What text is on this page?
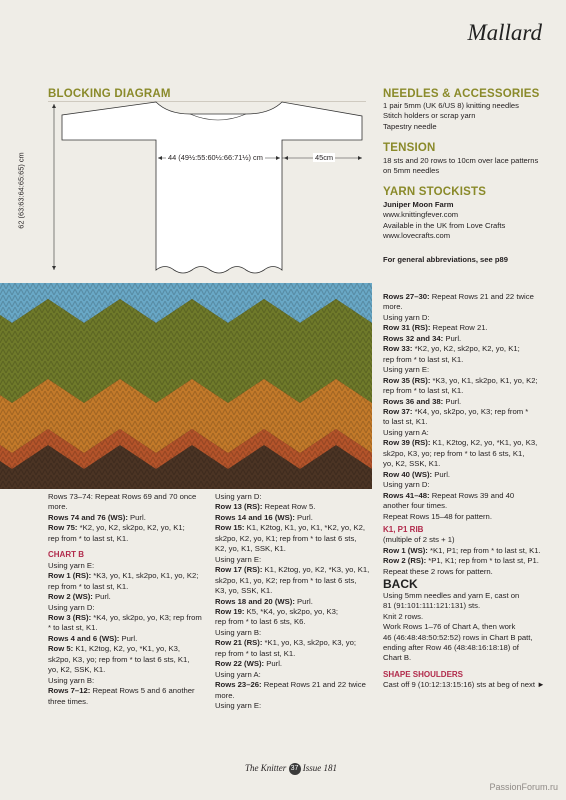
Mallard
BLOCKING DIAGRAM
44 (49½:55:60½:66:71½) cm	45cm
62 (63:63:64:65:65) cm
NEEDLES & ACCESSORIES
1 pair 5mm (UK 6/US 8) knitting needles
Stitch holders or scrap yarn
Tapestry needle
TENSION
18 sts and 20 rows to 10cm over lace patterns
on 5mm needles
YARN STOCKISTS
Juniper Moon Farm
www.knittingfever.com
Available in the UK from Love Crafts
www.lovecrafts.com
For general abbreviations, see p89
Rows 73–74: Repeat Rows 69 and 70 once
more.
Rows 74 and 76 (WS): Purl.
Row 75: *K2, yo, K2, sk2po, K2, yo, K1;
rep from * to last st, K1.
CHART B
Using yarn E:
Row 1 (RS): *K3, yo, K1, sk2po, K1, yo, K2;
rep from * to last st, K1.
Row 2 (WS): Purl.
Using yarn D:
Row 3 (RS): *K4, yo, sk2po, yo, K3; rep from
* to last st, K1.
Rows 4 and 6 (WS): Purl.
Row 5: K1, K2tog, K2, yo, *K1, yo, K3,
sk2po, K3, yo; rep from * to last 6 sts, K1,
yo, K2, SSK, K1.
Using yarn B:
Rows 7–12: Repeat Rows 5 and 6 another
three times.
Using yarn D:
Row 13 (RS): Repeat Row 5.
Rows 14 and 16 (WS): Purl.
Row 15: K1, K2tog, K1, yo, K1, *K2, yo, K2,
sk2po, K2, yo, K1; rep from * to last 6 sts,
K2, yo, K1, SSK, K1.
Using yarn E:
Row 17 (RS): K1, K2tog, yo, K2, *K3, yo, K1,
sk2po, K1, yo, K2; rep from * to last 6 sts,
K3, yo, SSK, K1.
Rows 18 and 20 (WS): Purl.
Row 19: K5, *K4, yo, sk2po, yo, K3;
rep from * to last 6 sts, K6.
Using yarn B:
Row 21 (RS): *K1, yo, K3, sk2po, K3, yo;
rep from * to last st, K1.
Row 22 (WS): Purl.
Using yarn A:
Rows 23–26: Repeat Rows 21 and 22 twice
more.
Using yarn E:
Rows 27–30: Repeat Rows 21 and 22 twice
more.
Using yarn D:
Row 31 (RS): Repeat Row 21.
Rows 32 and 34: Purl.
Row 33: *K2, yo, K2, sk2po, K2, yo, K1;
rep from * to last st, K1.
Using yarn E:
Row 35 (RS): *K3, yo, K1, sk2po, K1, yo, K2;
rep from * to last st, K1.
Rows 36 and 38: Purl.
Row 37: *K4, yo, sk2po, yo, K3; rep from *
to last st, K1.
Using yarn A:
Row 39 (RS): K1, K2tog, K2, yo, *K1, yo, K3,
sk2po, K3, yo; rep from * to last 6 sts, K1,
yo, K2, SSK, K1.
Row 40 (WS): Purl.
Using yarn D:
Rows 41–48: Repeat Rows 39 and 40
another four times.
Repeat Rows 15–48 for pattern.
K1, P1 RIB
(multiple of 2 sts + 1)
Row 1 (WS): *K1, P1; rep from * to last st, K1.
Row 2 (RS): *P1, K1; rep from * to last st, P1.
Repeat these 2 rows for pattern.
BACK
Using 5mm needles and yarn E, cast on
81 (91:101:111:121:131) sts.
Knit 2 rows.
Work Rows 1–76 of Chart A, then work
46 (46:48:48:50:52:52) rows in Chart B patt,
ending after Row 46 (48:48:16:18:18) of
Chart B.
SHAPE SHOULDERS
Cast off 9 (10:12:13:15:16) sts at beg of next ►
The Knitter 37 Issue 181
PassionForum.ru
